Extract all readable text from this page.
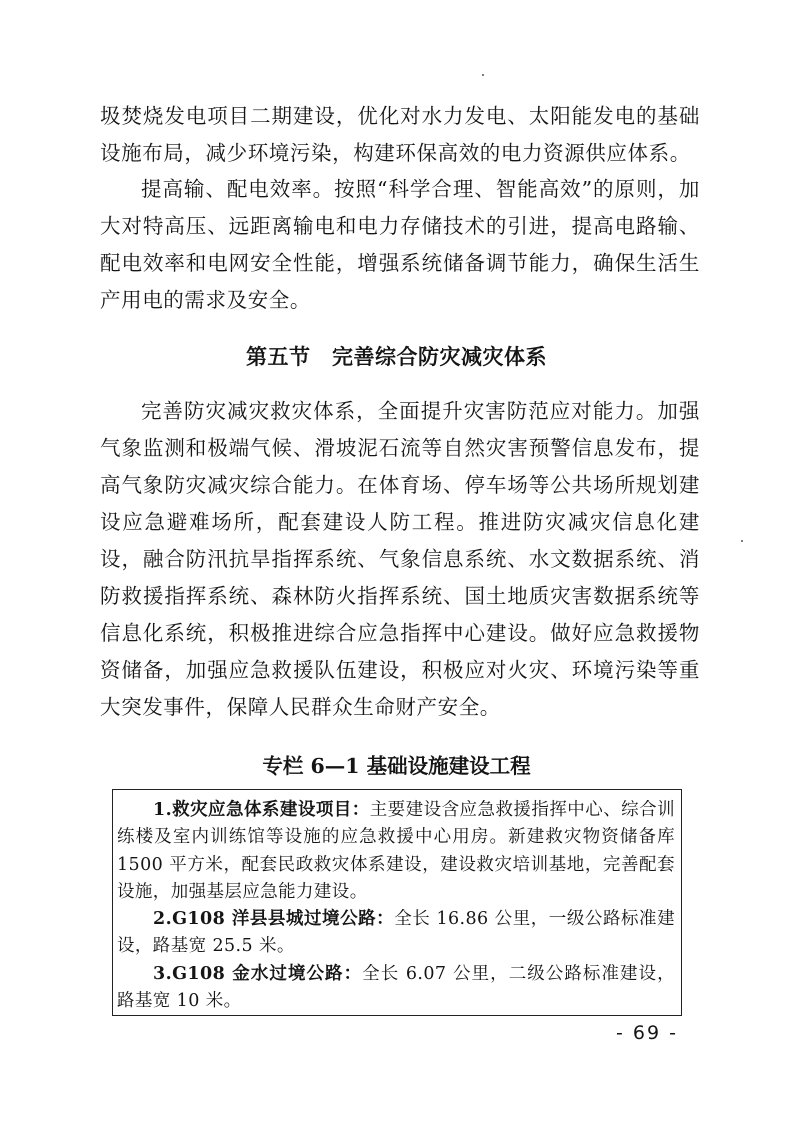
圾焚烧发电项目二期建设，优化对水力发电、太阳能发电的基础设施布局，减少环境污染，构建环保高效的电力资源供应体系。

提高输、配电效率。按照“科学合理、智能高效”的原则，加大对特高压、远距离输电和电力存储技术的引进，提高电路输、配电效率和电网安全性能，增强系统储备调节能力，确保生活生产用电的需求及安全。

第五节　完善综合防灾减灾体系

完善防灾减灾救灾体系，全面提升灾害防范应对能力。加强气象监测和极端气候、滑坡泥石流等自然灾害预警信息发布，提高气象防灾减灾综合能力。在体育场、停车场等公共场所规划建设应急避难场所，配套建设人防工程。推进防灾减灾信息化建设，融合防汛抗旱指挥系统、气象信息系统、水文数据系统、消防救援指挥系统、森林防火指挥系统、国土地质灾害数据系统等信息化系统，积极推进综合应急指挥中心建设。做好应急救援物资储备，加强应急救援队伍建设，积极应对火灾、环境污染等重大突发事件，保障人民群众生命财产安全。

专栏 6—1 基础设施建设工程

1.救灾应急体系建设项目：主要建设含应急救援指挥中心、综合训练楼及室内训练馆等设施的应急救援中心用房。新建救灾物资储备库 1500 平方米，配套民政救灾体系建设，建设救灾培训基地，完善配套设施，加强基层应急能力建设。

2.G108 洋县县城过境公路：全长 16.86 公里，一级公路标准建设，路基宽 25.5 米。

3.G108 金水过境公路：全长 6.07 公里，二级公路标准建设，路基宽 10 米。

- 69 -
